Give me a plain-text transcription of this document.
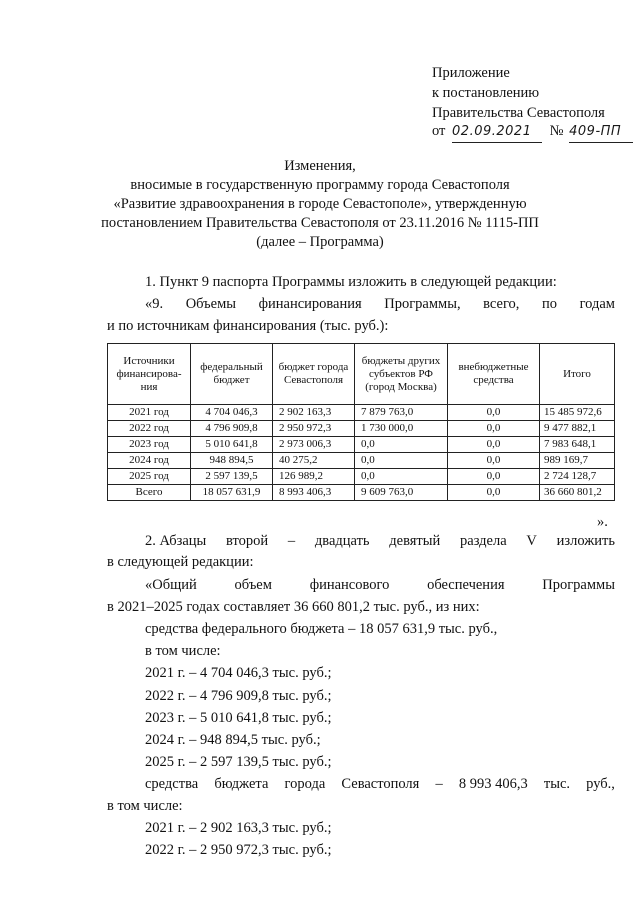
Приложение
к постановлению
Правительства Севастополя
от 02.09.2021 № 409-ПП
Изменения,
вносимые в государственную программу города Севастополя
«Развитие здравоохранения в городе Севастополе», утвержденную
постановлением Правительства Севастополя от 23.11.2016 № 1115-ПП
(далее – Программа)
1. Пункт 9 паспорта Программы изложить в следующей редакции:
«9. Объемы финансирования Программы, всего, по годам
и по источникам финансирования (тыс. руб.):
Источники финансирова-ния	федеральный бюджет	бюджет города Севастополя	бюджеты других субъектов РФ (город Москва)	внебюджетные средства	Итого
2021 год	4 704 046,3	2 902 163,3	7 879 763,0	0,0	15 485 972,6
2022 год	4 796 909,8	2 950 972,3	1 730 000,0	0,0	9 477 882,1
2023 год	5 010 641,8	2 973 006,3	0,0	0,0	7 983 648,1
2024 год	948 894,5	40 275,2	0,0	0,0	989 169,7
2025 год	2 597 139,5	126 989,2	0,0	0,0	2 724 128,7
Всего	18 057 631,9	8 993 406,3	9 609 763,0	0,0	36 660 801,2
».
2. Абзацы второй – двадцать девятый раздела V изложить
в следующей редакции:
«Общий	объем	финансового	обеспечения	Программы
в 2021–2025 годах составляет 36 660 801,2 тыс. руб., из них:
средства федерального бюджета – 18 057 631,9 тыс. руб.,
в том числе:
2021 г. – 4 704 046,3 тыс. руб.;
2022 г. – 4 796 909,8 тыс. руб.;
2023 г. – 5 010 641,8 тыс. руб.;
2024 г. – 948 894,5 тыс. руб.;
2025 г. – 2 597 139,5 тыс. руб.;
средства бюджета города Севастополя – 8 993 406,3 тыс. руб.,
в том числе:
2021 г. – 2 902 163,3 тыс. руб.;
2022 г. – 2 950 972,3 тыс. руб.;
